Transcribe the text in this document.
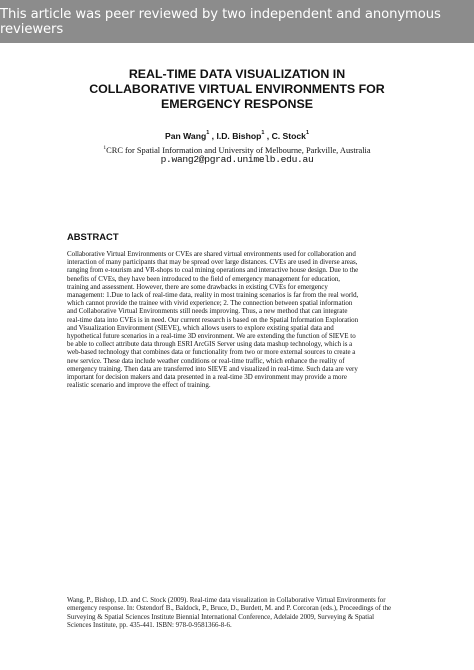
This article was peer reviewed by two independent and anonymous reviewers
REAL-TIME DATA VISUALIZATION IN
COLLABORATIVE VIRTUAL ENVIRONMENTS FOR
EMERGENCY RESPONSE
Pan Wang$^1$ , I.D. Bishop$^1$ , C. Stock$^1$
$^1$CRC for Spatial Information and University of Melbourne, Parkville, Australia
p.wang2@pgrad.unimelb.edu.au
ABSTRACT
Collaborative Virtual Environments or CVEs are shared virtual environments used for collaboration and
interaction of many participants that may be spread over large distances. CVEs are used in diverse areas,
ranging from e-tourism and VR-shops to coal mining operations and interactive house design. Due to the
benefits of CVEs, they have been introduced to the field of emergency management for education,
training and assessment. However, there are some drawbacks in existing CVEs for emergency
management: 1.Due to lack of real-time data, reality in most training scenarios is far from the real world,
which cannot provide the trainee with vivid experience; 2. The connection between spatial information
and Collaborative Virtual Environments still needs improving. Thus, a new method that can integrate
real-time data into CVEs is in need. Our current research is based on the Spatial Information Exploration
and Visualization Environment (SIEVE), which allows users to explore existing spatial data and
hypothetical future scenarios in a real-time 3D environment. We are extending the function of SIEVE to
be able to collect attribute data through ESRI ArcGIS Server using data mashup technology, which is a
web-based technology that combines data or functionality from two or more external sources to create a
new service. These data include weather conditions or real-time traffic, which enhance the reality of
emergency training. Then data are transferred into SIEVE and visualized in real-time. Such data are very
important for decision makers and data presented in a real-time 3D environment may provide a more
realistic scenario and improve the effect of training.
Wang, P., Bishop, I.D. and C. Stock (2009). Real-time data visualization in Collaborative Virtual Environments for
emergency response. In: Ostendorf B., Baldock, P., Bruce, D., Burdett, M. and P. Corcoran (eds.), Proceedings of the
Surveying & Spatial Sciences Institute Biennial International Conference, Adelaide 2009, Surveying & Spatial
Sciences Institute, pp. 435-441. ISBN: 978-0-9581366-8-6.
